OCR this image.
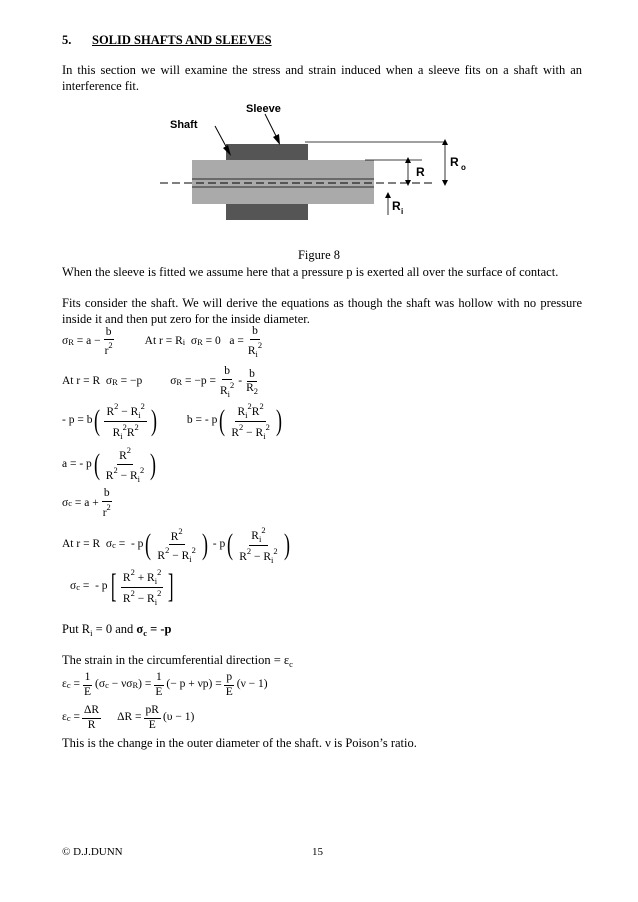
5. SOLID SHAFTS AND SLEEVES
In this section we will examine the stress and strain induced when a sleeve fits on a shaft with an interference fit.
Shaft
Sleeve
R
R o
R i
Figure 8
When the sleeve is fitted we assume here that a pressure p is exerted all over the surface of contact.
Fits consider the shaft. We will derive the equations as though the shaft was hollow with no pressure inside it and then put zero for the inside diameter.
σ $R = a - \frac{b}{r^2}$	At r = R i σ R = 0   $a = \frac{b}{R_i^2}$
At r = R  σ R = −p σ $R = -p = \frac{b}{R_i^2} - \frac{b}{R_2}$
- p = b ( $\frac{R^2 - R_i^2}{R_i^2R^2}$ )	b = - p ( $\frac{R_i^2R^2}{R^2 - R_i^2}$ )
a = - p ( $\frac{R^2}{R^2 - R_i^2}$ )
σ $c = a + \frac{b}{r^2}$
At r = R  σ c =  - p ( $\frac{R^2}{R^2 - R_i^2}$ ) - p ( $\frac{R_i^2}{R^2 - R_i^2}$ )
σ c =  - p [ $\frac{R^2 + R_i^2}{R^2 - R_i^2}$ ]
Put $R_i = 0$ and $\sigma_c = -p$
The strain in the circumferential direction = $\varepsilon_c$
ε $c = \frac{1}{E} (\sigma$ c − νσ R ) = $\frac{1}{E}$ (− $p + \nu p) = \frac{p}{E} (\nu - 1)$
ε $c = \frac{\Delta R}{R}$ $\Delta R = \frac{pR}{E} (\upsilon - 1)$
This is the change in the outer diameter of the shaft. ν is Poison’s ratio.
© D.J.DUNN	15
